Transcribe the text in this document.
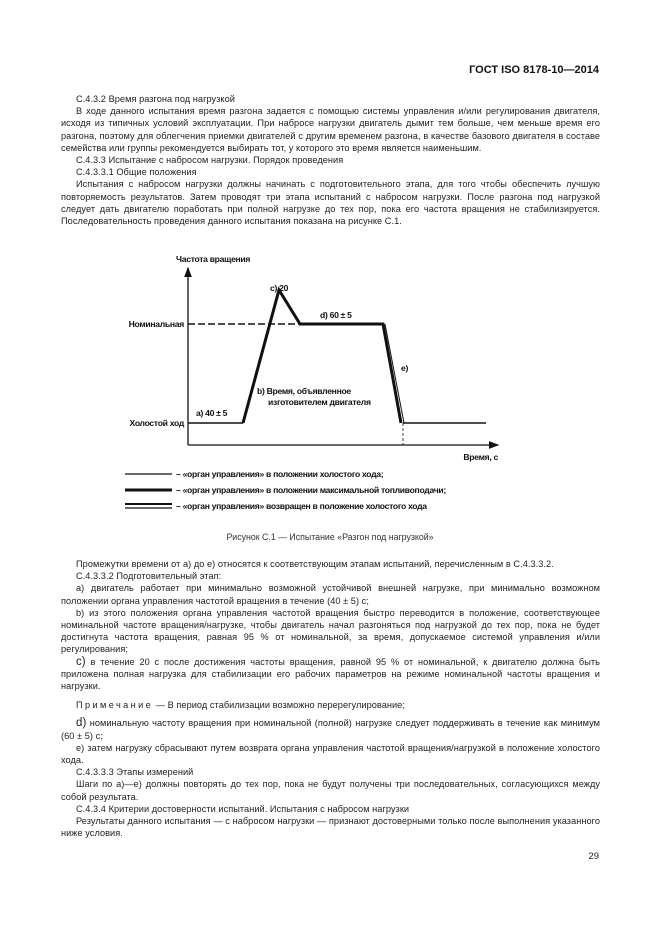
ГОСТ ISO 8178-10—2014

С.4.3.2 Время разгона под нагрузкой

В ходе данного испытания время разгона задается с помощью системы управления и/или регулирования двигателя, исходя из типичных условий эксплуатации. При набросе нагрузки двигатель дымит тем больше, чем меньше время его разгона, поэтому для облегчения приемки двигателей с другим временем разгона, в качестве базового двигателя в составе семейства или группы рекомендуется выбирать тот, у которого это время является наименьшим.

С.4.3.3 Испытание с набросом нагрузки. Порядок проведения

С.4.3.3.1 Общие положения

Испытания с набросом нагрузки должны начинать с подготовительного этапа, для того чтобы обеспечить лучшую повторяемость результатов. Затем проводят три этапа испытаний с набросом нагрузки. После разгона под нагрузкой следует дать двигателю поработать при полной нагрузке до тех пор, пока его частота вращения не стабилизируется. Последовательность проведения данного испытания показана на рисунке С.1.

Частота вращения
Время, с
Номинальная
Холостой ход
а) 40 ± 5
b) Время, объявленное
изготовителем двигателя
c) 20
d) 60 ± 5
e)
– «орган управления» в положении холостого хода;
– «орган управления» в положении максимальной топливоподачи;
– «орган управления» возвращен в положение холостого хода
Рисунок С.1 — Испытание «Разгон под нагрузкой»

Промежутки времени от а) до е) относятся к соответствующим этапам испытаний, перечисленным в С.4.3.3.2.

С.4.3.3.2 Подготовительный этап:

а) двигатель работает при минимально возможной устойчивой внешней нагрузке, при минимально возможном положении органа управления частотой вращения в течение (40 ± 5) с;

b) из этого положения органа управления частотой вращения быстро переводится в положение, соответствующее номинальной частоте вращения/нагрузке, чтобы двигатель начал разгоняться под нагрузкой до тех пор, пока не будет достигнута частота вращения, равная 95 % от номинальной, за время, допускаемое системой управления и/или регулирования;

c) в течение 20 с после достижения частоты вращения, равной 95 % от номинальной, к двигателю должна быть приложена полная нагрузка для стабилизации его рабочих параметров на режиме номинальной частоты вращения и нагрузки.

Примечание — В период стабилизации возможно перерегулирование;

d) номинальную частоту вращения при номинальной (полной) нагрузке следует поддерживать в течение как минимум (60 ± 5) с;

е) затем нагрузку сбрасывают путем возврата органа управления частотой вращения/нагрузкой в положение холостого хода.

С.4.3.3.3 Этапы измерений

Шаги по а)—е) должны повторять до тех пор, пока не будут получены три последовательных, согласующихся между собой результата.

С.4.3.4 Критерии достоверности испытаний. Испытания с набросом нагрузки

Результаты данного испытания — с набросом нагрузки — признают достоверными только после выполнения указанного ниже условия.

29
